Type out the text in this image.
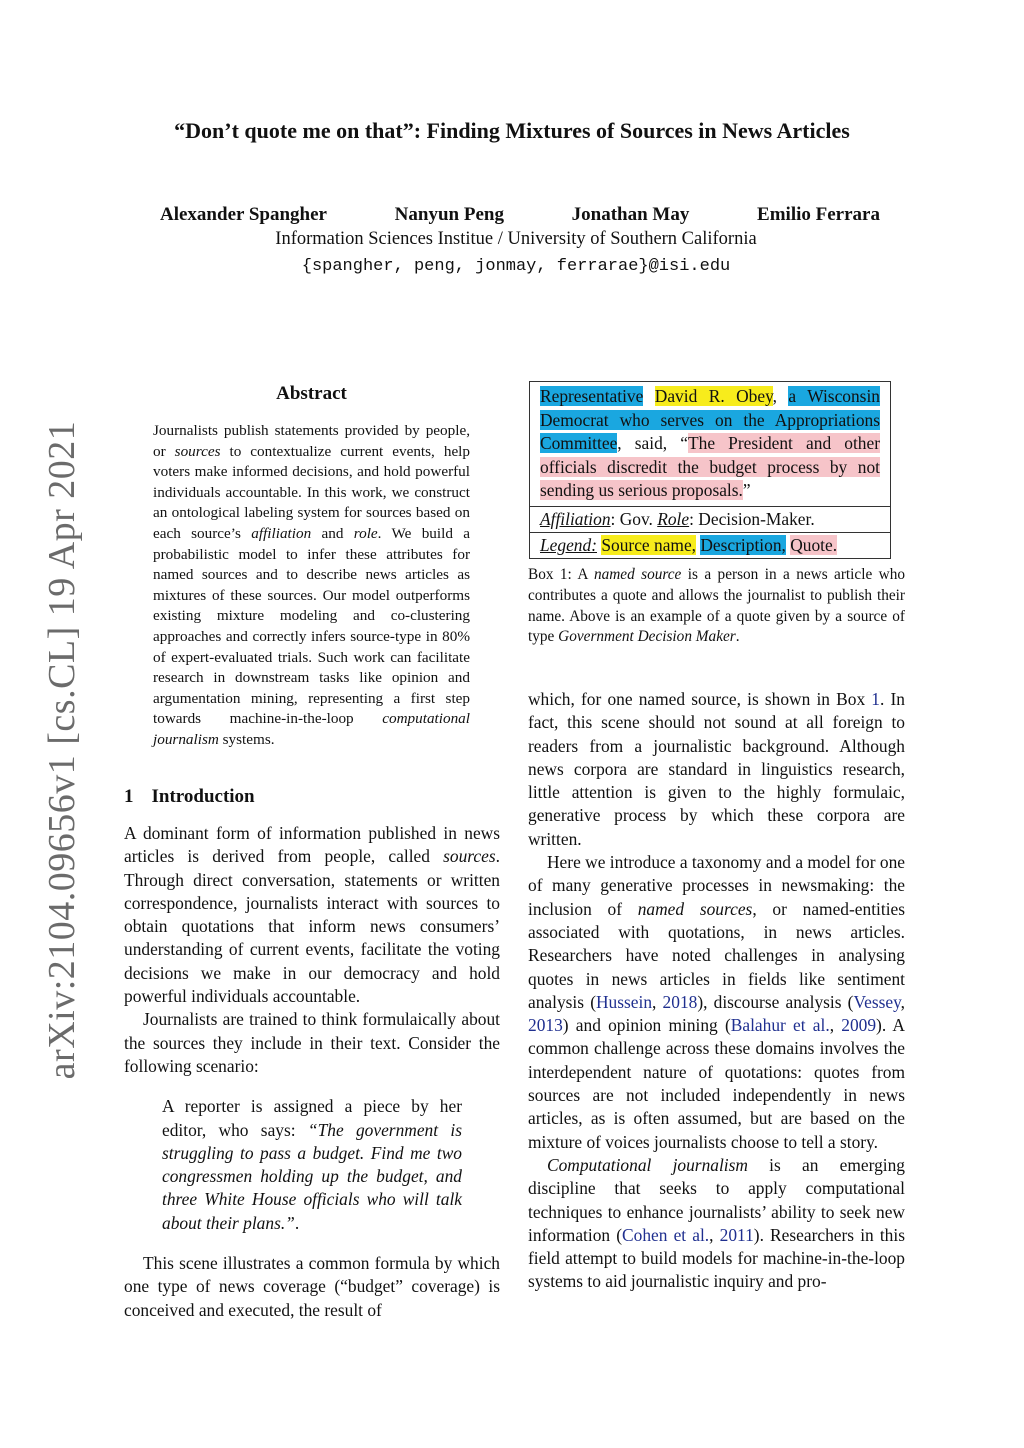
arXiv:2104.09656v1 [cs.CL] 19 Apr 2021
“Don’t quote me on that”: Finding Mixtures of Sources in News Articles
Alexander Spangher	Nanyun Peng	Jonathan May	Emilio Ferrara
Information Sciences Institue / University of Southern California
{spangher, peng, jonmay, ferrarae}@isi.edu
Abstract
Journalists publish statements provided by people, or sources to contextualize current events, help voters make informed decisions, and hold powerful individuals accountable. In this work, we construct an ontological labeling system for sources based on each source’s affiliation and role. We build a probabilistic model to infer these attributes for named sources and to describe news articles as mixtures of these sources. Our model outperforms existing mixture modeling and co-clustering approaches and correctly infers source-type in 80% of expert-evaluated trials. Such work can facilitate research in downstream tasks like opinion and argumentation mining, representing a first step towards machine-in-the-loop computational journalism systems.
1 Introduction

A dominant form of information published in news articles is derived from people, called sources. Through direct conversation, statements or written correspondence, journalists interact with sources to obtain quotations that inform news consumers’ understanding of current events, facilitate the voting decisions we make in our democracy and hold powerful individuals accountable.

Journalists are trained to think formulaically about the sources they include in their text. Consider the following scenario:

A reporter is assigned a piece by her editor, who says: “The government is struggling to pass a budget. Find me two congressmen holding up the budget, and three White House officials who will talk about their plans.”.

This scene illustrates a common formula by which one type of news coverage (“budget” coverage) is conceived and executed, the result of

Representative David R. Obey, a Wisconsin Democrat who serves on the Appropriations Committee, said, “The President and other officials discredit the budget process by not sending us serious proposals.”
Affiliation: Gov. Role: Decision-Maker.
Legend: Source name, Description, Quote.
Box 1: A named source is a person in a news article who contributes a quote and allows the journalist to publish their name. Above is an example of a quote given by a source of type Government Decision Maker.

which, for one named source, is shown in Box 1. In fact, this scene should not sound at all foreign to readers from a journalistic background. Although news corpora are standard in linguistics research, little attention is given to the highly formulaic, generative process by which these corpora are written.

Here we introduce a taxonomy and a model for one of many generative processes in newsmaking: the inclusion of named sources, or named-entities associated with quotations, in news articles. Researchers have noted challenges in analysing quotes in news articles in fields like sentiment analysis (Hussein, 2018), discourse analysis (Vessey, 2013) and opinion mining (Balahur et al., 2009). A common challenge across these domains involves the interdependent nature of quotations: quotes from sources are not included independently in news articles, as is often assumed, but are based on the mixture of voices journalists choose to tell a story.

Computational journalism is an emerging discipline that seeks to apply computational techniques to enhance journalists’ ability to seek new information (Cohen et al., 2011). Researchers in this field attempt to build models for machine-in-the-loop systems to aid journalistic inquiry and pro-
